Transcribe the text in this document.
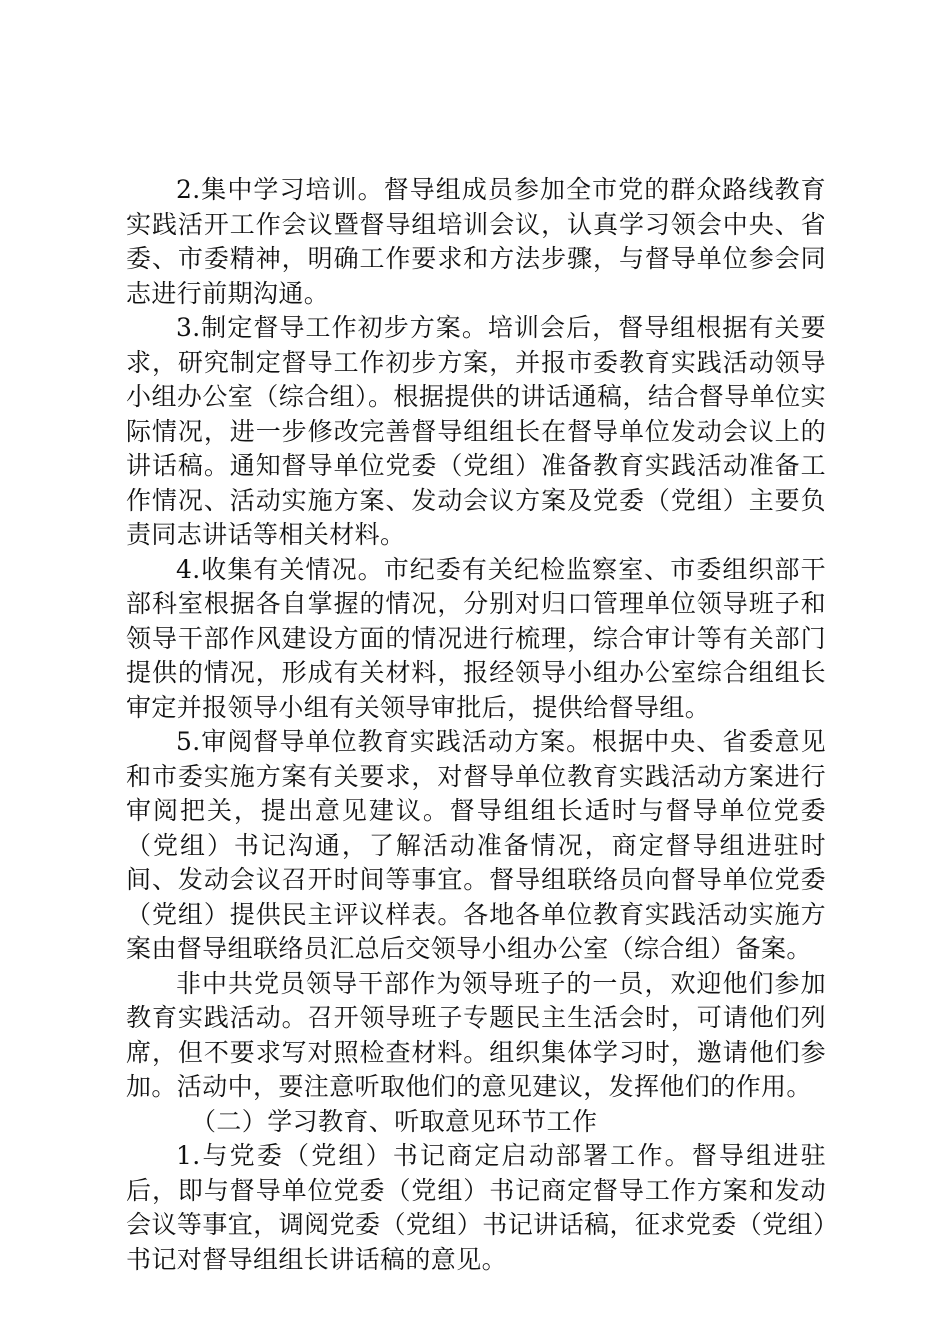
2.集中学习培训。督导组成员参加全市党的群众路线教育实践活开工作会议暨督导组培训会议，认真学习领会中央、省委、市委精神，明确工作要求和方法步骤，与督导单位参会同志进行前期沟通。

3.制定督导工作初步方案。培训会后，督导组根据有关要求，研究制定督导工作初步方案，并报市委教育实践活动领导小组办公室（综合组）。根据提供的讲话通稿，结合督导单位实际情况，进一步修改完善督导组组长在督导单位发动会议上的讲话稿。通知督导单位党委（党组）准备教育实践活动准备工作情况、活动实施方案、发动会议方案及党委（党组）主要负责同志讲话等相关材料。

4.收集有关情况。市纪委有关纪检监察室、市委组织部干部科室根据各自掌握的情况，分别对归口管理单位领导班子和领导干部作风建设方面的情况进行梳理，综合审计等有关部门提供的情况，形成有关材料，报经领导小组办公室综合组组长审定并报领导小组有关领导审批后，提供给督导组。

5.审阅督导单位教育实践活动方案。根据中央、省委意见和市委实施方案有关要求，对督导单位教育实践活动方案进行审阅把关，提出意见建议。督导组组长适时与督导单位党委（党组）书记沟通，了解活动准备情况，商定督导组进驻时间、发动会议召开时间等事宜。督导组联络员向督导单位党委（党组）提供民主评议样表。各地各单位教育实践活动实施方案由督导组联络员汇总后交领导小组办公室（综合组）备案。

非中共党员领导干部作为领导班子的一员，欢迎他们参加教育实践活动。召开领导班子专题民主生活会时，可请他们列席，但不要求写对照检查材料。组织集体学习时，邀请他们参加。活动中，要注意听取他们的意见建议，发挥他们的作用。

（二）学习教育、听取意见环节工作

1.与党委（党组）书记商定启动部署工作。督导组进驻后，即与督导单位党委（党组）书记商定督导工作方案和发动会议等事宜，调阅党委（党组）书记讲话稿，征求党委（党组）书记对督导组组长讲话稿的意见。
